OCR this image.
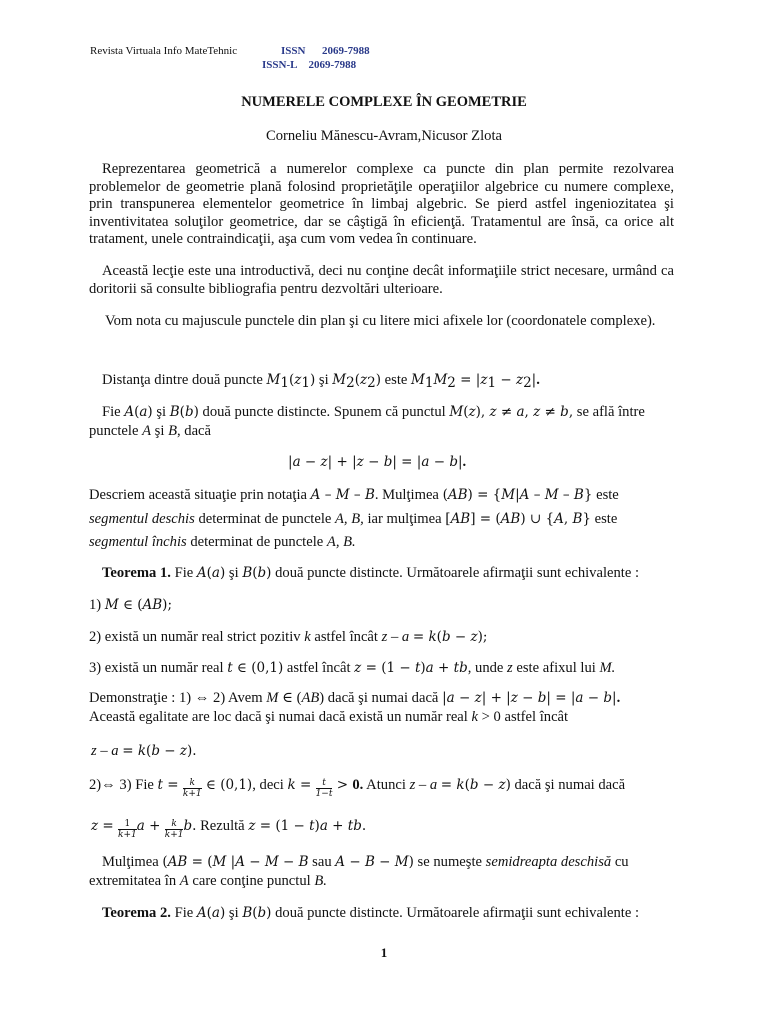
Revista Virtuala Info MateTehnic	ISSN 2069-7988
ISSN-L 2069-7988
NUMERELE COMPLEXE ÎN GEOMETRIE
Corneliu Mănescu-Avram,Nicusor Zlota
Reprezentarea geometrică a numerelor complexe ca puncte din plan permite rezolvarea problemelor de geometrie plană folosind proprietăţile operaţiilor algebrice cu numere complexe, prin transpunerea elementelor geometrice în limbaj algebric. Se pierd astfel ingeniozitatea şi inventivitatea soluţilor geometrice, dar se câştigă în eficienţă. Tratamentul are însă, ca orice alt tratament, unele contraindicaţii, aşa cum vom vedea în continuare.
Această lecţie este una introductivă, deci nu conţine decât informaţiile strict necesare, urmând ca doritorii să consulte bibliografia pentru dezvoltări ulterioare.
Vom nota cu majuscule punctele din plan şi cu litere mici afixele lor (coordonatele complexe).
Distanţa dintre două puncte $M_1(z_1)$ şi $M_2(z_2)$ este $M_1M_2 = |z_1 - z_2|$.
Fie A(a) şi B(b) două puncte distincte. Spunem că punctul M(z), z ≠ a, z ≠ b, se află între
punctele A şi B, dacă
|a − z| + |z − b| = |a − b|.
Descriem această situaţie prin notaţia A – M – B. Mulţimea (AB) = {M|A – M – B} este
segmentul deschis determinat de punctele A, B, iar mulţimea [AB] = (AB) ∪ {A, B} este
segmentul închis determinat de punctele A, B.
Teorema 1. Fie A(a) şi B(b) două puncte distincte. Următoarele afirmaţii sunt echivalente :
1) M ∈ (AB);
2) există un număr real strict pozitiv k astfel încât z – a = k(b − z);
3) există un număr real t ∈ (0,1) astfel încât z = (1 − t)a + tb, unde z este afixul lui M.
Demonstraţie : 1) ⇔ 2) Avem M ∈ (AB) dacă şi numai dacă |a − z| + |z − b| = |a − b|.
Această egalitate are loc dacă şi numai dacă există un număr real k > 0 astfel încât
z – a = k(b − z).
2)⇔ 3) Fie $t = \frac{k}{k+1}$ ∈ (0,1), deci $k = \frac{t}{1-t} > 0$. Atunci z – a = k(b − z) dacă şi numai dacă
$z = \frac{1}{k+1}$ $a + \frac{k}{k+1} b$. Rezultă z = (1 − t)a + tb.
Mulţimea (AB = (M |A − M − B sau A − B − M) se numeşte semidreapta deschisă cu
extremitatea în A care conţine punctul B.
Teorema 2. Fie A(a) şi B(b) două puncte distincte. Următoarele afirmaţii sunt echivalente :
1
